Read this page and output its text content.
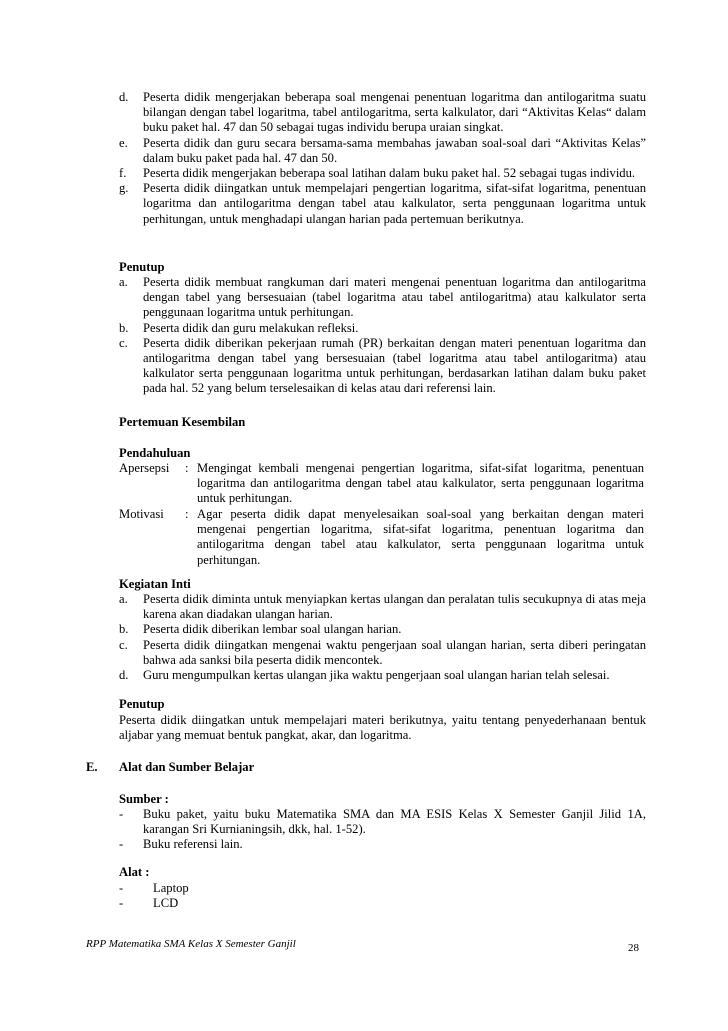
d. Peserta didik mengerjakan beberapa soal mengenai penentuan logaritma dan antilogaritma suatu bilangan dengan tabel logaritma, tabel antilogaritma, serta kalkulator, dari “Aktivitas Kelas“ dalam buku paket hal. 47 dan 50 sebagai tugas individu berupa uraian singkat.
e. Peserta didik dan guru secara bersama-sama membahas jawaban soal-soal dari “Aktivitas Kelas” dalam buku paket pada hal. 47 dan 50.
f. Peserta didik mengerjakan beberapa soal latihan dalam buku paket hal. 52 sebagai tugas individu.
g. Peserta didik diingatkan untuk mempelajari pengertian logaritma, sifat-sifat logaritma, penentuan logaritma dan antilogaritma dengan tabel atau kalkulator, serta penggunaan logaritma untuk perhitungan, untuk menghadapi ulangan harian pada pertemuan berikutnya.
Penutup
a. Peserta didik membuat rangkuman dari materi mengenai penentuan logaritma dan antilogaritma dengan tabel yang bersesuaian (tabel logaritma atau tabel antilogaritma) atau kalkulator serta penggunaan logaritma untuk perhitungan.
b. Peserta didik dan guru melakukan refleksi.
c. Peserta didik diberikan pekerjaan rumah (PR) berkaitan dengan materi penentuan logaritma dan antilogaritma dengan tabel yang bersesuaian (tabel logaritma atau tabel antilogaritma) atau kalkulator serta penggunaan logaritma untuk perhitungan, berdasarkan latihan dalam buku paket pada hal. 52 yang belum terselesaikan di kelas atau dari referensi lain.
Pertemuan Kesembilan
Pendahuluan
Apersepsi : Mengingat kembali mengenai pengertian logaritma, sifat-sifat logaritma, penentuan logaritma dan antilogaritma dengan tabel atau kalkulator, serta penggunaan logaritma untuk perhitungan.
Motivasi : Agar peserta didik dapat menyelesaikan soal-soal yang berkaitan dengan materi mengenai pengertian logaritma, sifat-sifat logaritma, penentuan logaritma dan antilogaritma dengan tabel atau kalkulator, serta penggunaan logaritma untuk perhitungan.
Kegiatan Inti
a. Peserta didik diminta untuk menyiapkan kertas ulangan dan peralatan tulis secukupnya di atas meja karena akan diadakan ulangan harian.
b. Peserta didik diberikan lembar soal ulangan harian.
c. Peserta didik diingatkan mengenai waktu pengerjaan soal ulangan harian, serta diberi peringatan bahwa ada sanksi bila peserta didik mencontek.
d. Guru mengumpulkan kertas ulangan jika waktu pengerjaan soal ulangan harian telah selesai.
Penutup
Peserta didik diingatkan untuk mempelajari materi berikutnya, yaitu tentang penyederhanaan bentuk aljabar yang memuat bentuk pangkat, akar, dan logaritma.
E. Alat dan Sumber Belajar
Sumber :
- Buku paket, yaitu buku Matematika SMA dan MA ESIS Kelas X Semester Ganjil Jilid 1A, karangan Sri Kurnianingsih, dkk, hal. 1-52).
- Buku referensi lain.
Alat :
- Laptop
- LCD
RPP Matematika SMA Kelas X Semester Ganjil	28
